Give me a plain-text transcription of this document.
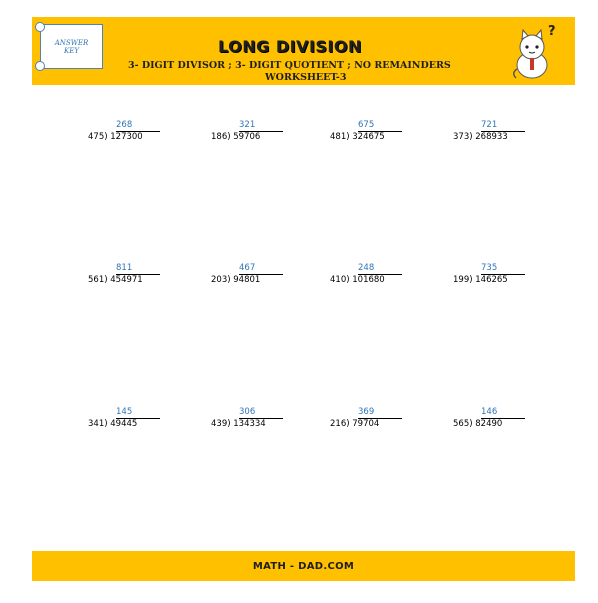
ANSWER
KEY	LONG DIVISION
3- DIGIT DIVISOR ; 3- DIGIT QUOTIENT ; NO REMAINDERS
WORKSHEET-3
?
268
475) 127300
321
186) 59706
675
481) 324675
721
373) 268933
811
561) 454971
467
203) 94801
248
410) 101680
735
199) 146265
145
341) 49445
306
439) 134334
369
216) 79704
146
565) 82490
MATH - DAD.COM
